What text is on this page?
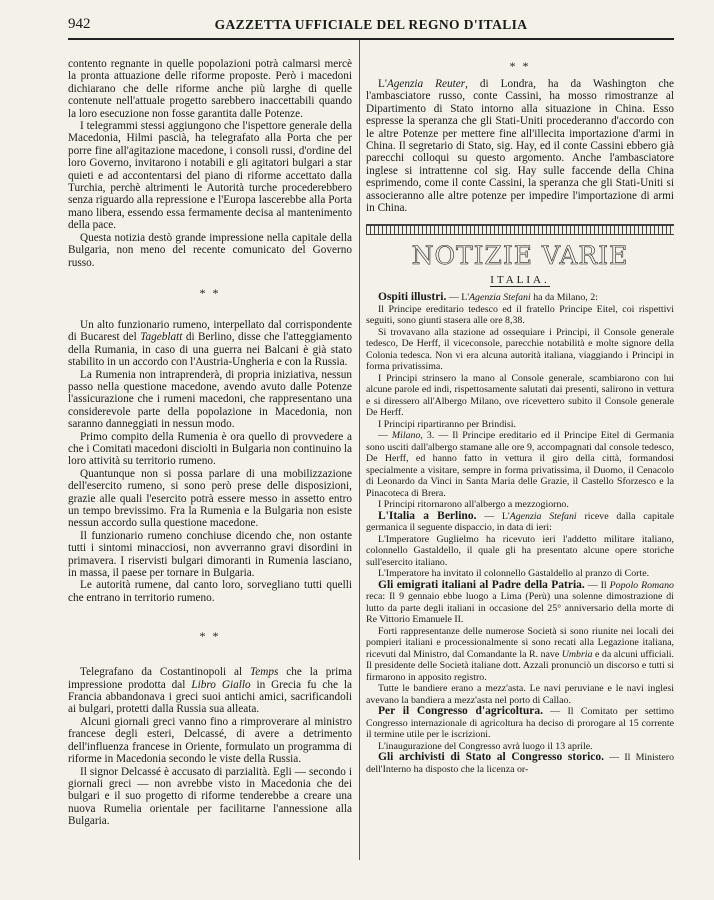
942	GAZZETTA UFFICIALE DEL REGNO D'ITALIA

contento regnante in quelle popolazioni potrà calmarsi mercè la pronta attuazione delle riforme proposte. Però i macedoni dichiarano che delle riforme anche più larghe di quelle contenute nell'attuale progetto sarebbero inaccettabili quando la loro esecuzione non fosse garantita dalle Potenze.

I telegrammi stessi aggiungono che l'ispettore generale della Macedonia, Hilmi pascià, ha telegrafato alla Porta che per porre fine all'agitazione macedone, i consoli russi, d'ordine del loro Governo, invitarono i notabili e gli agitatori bulgari a star quieti e ad accontentarsi del piano di riforme accettato dalla Turchia, perchè altrimenti le Autorità turche procederebbero senza riguardo alla repressione e l'Europa lascerebbe alla Porta mano libera, essendo essa fermamente decisa al mantenimento della pace.

Questa notizia destò grande impressione nella capitale della Bulgaria, non meno del recente comunicato del Governo russo.

* *

Un alto funzionario rumeno, interpellato dal corrispondente di Bucarest del Tageblatt di Berlino, disse che l'atteggiamento della Rumania, in caso di una guerra nei Balcani è già stato stabilito in un accordo con l'Austria-Ungheria e con la Russia.

La Rumenia non intraprenderà, di propria iniziativa, nessun passo nella questione macedone, avendo avuto dalle Potenze l'assicurazione che i rumeni macedoni, che rappresentano una considerevole parte della popolazione in Macedonia, non saranno danneggiati in nessun modo.

Primo compito della Rumenia è ora quello di provvedere a che i Comitati macedoni disciolti in Bulgaria non continuino la loro attività su territorio rumeno.

Quantunque non si possa parlare di una mobilizzazione dell'esercito rumeno, si sono però prese delle disposizioni, grazie alle quali l'esercito potrà essere messo in assetto entro un tempo brevissimo. Fra la Rumenia e la Bulgaria non esiste nessun accordo sulla questione macedone.

Il funzionario rumeno conchiuse dicendo che, non ostante tutti i sintomi minacciosi, non avverranno gravi disordini in primavera. I riservisti bulgari dimoranti in Rumenia lasciano, in massa, il paese per tornare in Bulgaria.

Le autorità rumene, dal canto loro, sorvegliano tutti quelli che entrano in territorio rumeno.

* *

Telegrafano da Costantinopoli al Temps che la prima impressione prodotta dal Libro Giallo in Grecia fu che la Francia abbandonava i greci suoi antichi amici, sacrificandoli ai bulgari, protetti dalla Russia sua alleata.

Alcuni giornali greci vanno fino a rimproverare al ministro francese degli esteri, Delcassé, di avere a detrimento dell'influenza francese in Oriente, formulato un programma di riforme in Macedonia secondo le viste della Russia.

Il signor Delcassé è accusato di parzialità. Egli — secondo i giornali greci — non avrebbe visto in Macedonia che dei bulgari e il suo progetto di riforme tenderebbe a creare una nuova Rumelia orientale per facilitarne l'annessione alla Bulgaria.

* *

L'Agenzia Reuter, di Londra, ha da Washington che l'ambasciatore russo, conte Cassini, ha mosso rimostranze al Dipartimento di Stato intorno alla situazione in China. Esso espresse la speranza che gli Stati-Uniti procederanno d'accordo con le altre Potenze per mettere fine all'illecita importazione d'armi in China. Il segretario di Stato, sig. Hay, ed il conte Cassini ebbero già parecchi colloqui su questo argomento. Anche l'ambasciatore inglese si intrattenne col sig. Hay sulle faccende della China esprimendo, come il conte Cassini, la speranza che gli Stati-Uniti si associeranno alle altre potenze per impedire l'importazione di armi in China.

NOTIZIE VARIE
ITALIA.

Ospiti illustri. — L'Agenzia Stefani ha da Milano, 2:

Il Principe ereditario tedesco ed il fratello Principe Eitel, coi rispettivi seguiti, sono giunti stasera alle ore 8,38.

Si trovavano alla stazione ad ossequiare i Principi, il Console generale tedesco, De Herff, il viceconsole, parecchie notabilità e molte signore della Colonia tedesca. Non vi era alcuna autorità italiana, viaggiando i Principi in forma privatissima.

I Principi strinsero la mano al Console generale, scambiarono con lui alcune parole ed indi, rispettosamente salutati dai presenti, salirono in vettura e si diressero all'Albergo Milano, ove ricevettero subito il Console generale De Herff.

I Principi ripartiranno per Brindisi.

— Milano, 3. — Il Principe ereditario ed il Principe Eitel di Germania sono usciti dall'albergo stamane alle ore 9, accompagnati dal console tedesco, De Herff, ed hanno fatto in vettura il giro della città, formandosi specialmente a visitare, sempre in forma privatissima, il Duomo, il Cenacolo di Leonardo da Vinci in Santa Maria delle Grazie, il Castello Sforzesco e la Pinacoteca di Brera.

I Principi ritornarono all'albergo a mezzogiorno.

L'Italia a Berlino. — L'Agenzia Stefani riceve dalla capitale germanica il seguente dispaccio, in data di ieri:

L'Imperatore Guglielmo ha ricevuto ieri l'addetto militare italiano, colonnello Gastaldello, il quale gli ha presentato alcune opere storiche sull'esercito italiano.

L'Imperatore ha invitato il colonnello Gastaldello al pranzo di Corte.

Gli emigrati italiani al Padre della Patria. — Il Popolo Romano reca: Il 9 gennaio ebbe luogo a Lima (Perù) una solenne dimostrazione di lutto da parte degli italiani in occasione del 25° anniversario della morte di Re Vittorio Emanuele II.

Forti rappresentanze delle numerose Società si sono riunite nei locali dei pompieri italiani e processionalmente si sono recati alla Legazione italiana, ricevuti dal Ministro, dal Comandante la R. nave Umbria e da alcuni ufficiali. Il presidente delle Società italiane dott. Azzali pronunciò un discorso e tutti si firmarono in apposito registro.

Tutte le bandiere erano a mezz'asta. Le navi peruviane e le navi inglesi avevano la bandiera a mezz'asta nel porto di Callao.

Per il Congresso d'agricoltura. — Il Comitato per settimo Congresso internazionale di agricoltura ha deciso di prorogare al 15 corrente il termine utile per le iscrizioni.

L'inaugurazione del Congresso avrà luogo il 13 aprile.

Gli archivisti di Stato al Congresso storico. — Il Ministero dell'Interno ha disposto che la licenza or-
